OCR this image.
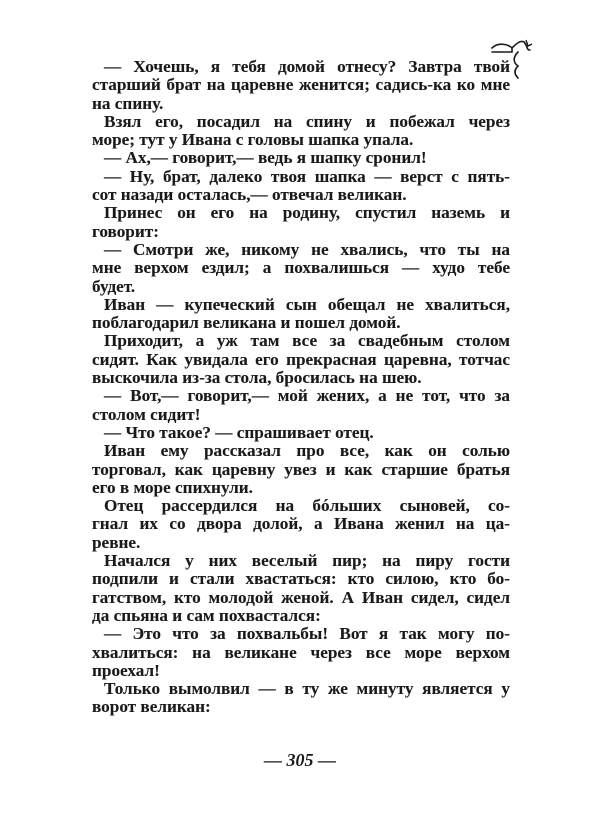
— Хочешь, я тебя домой отнесу? Завтра твой
старший брат на царевне женится; садись-ка ко мне
на спину.
Взял его, посадил на спину и побежал через
море; тут у Ивана с головы шапка упала.
— Ах,— говорит,— ведь я шапку сронил!
— Ну, брат, далеко твоя шапка — верст с пять-
сот назади осталась,— отвечал великан.
Принес он его на родину, спустил наземь и
говорит:
— Смотри же, никому не хвались, что ты на
мне верхом ездил; а похвалишься — худо тебе
будет.
Иван — купеческий сын обещал не хвалиться,
поблагодарил великана и пошел домой.
Приходит, а уж там все за свадебным столом
сидят. Как увидала его прекрасная царевна, тотчас
выскочила из-за стола, бросилась на шею.
— Вот,— говорит,— мой жених, а не тот, что за
столом сидит!
— Что такое? — спрашивает отец.
Иван ему рассказал про все, как он солью
торговал, как царевну увез и как старшие братья
его в море спихнули.
Отец рассердился на бóльших сыновей, со-
гнал их со двора долой, а Ивана женил на ца-
ревне.
Начался у них веселый пир; на пиру гости
подпили и стали хвастаться: кто силою, кто бо-
гатством, кто молодой женой. А Иван сидел, сидел
да спьяна и сам похвастался:
— Это что за похвальбы! Вот я так могу по-
хвалиться: на великане через все море верхом
проехал!
Только вымолвил — в ту же минуту является у
ворот великан:
— 305 —
